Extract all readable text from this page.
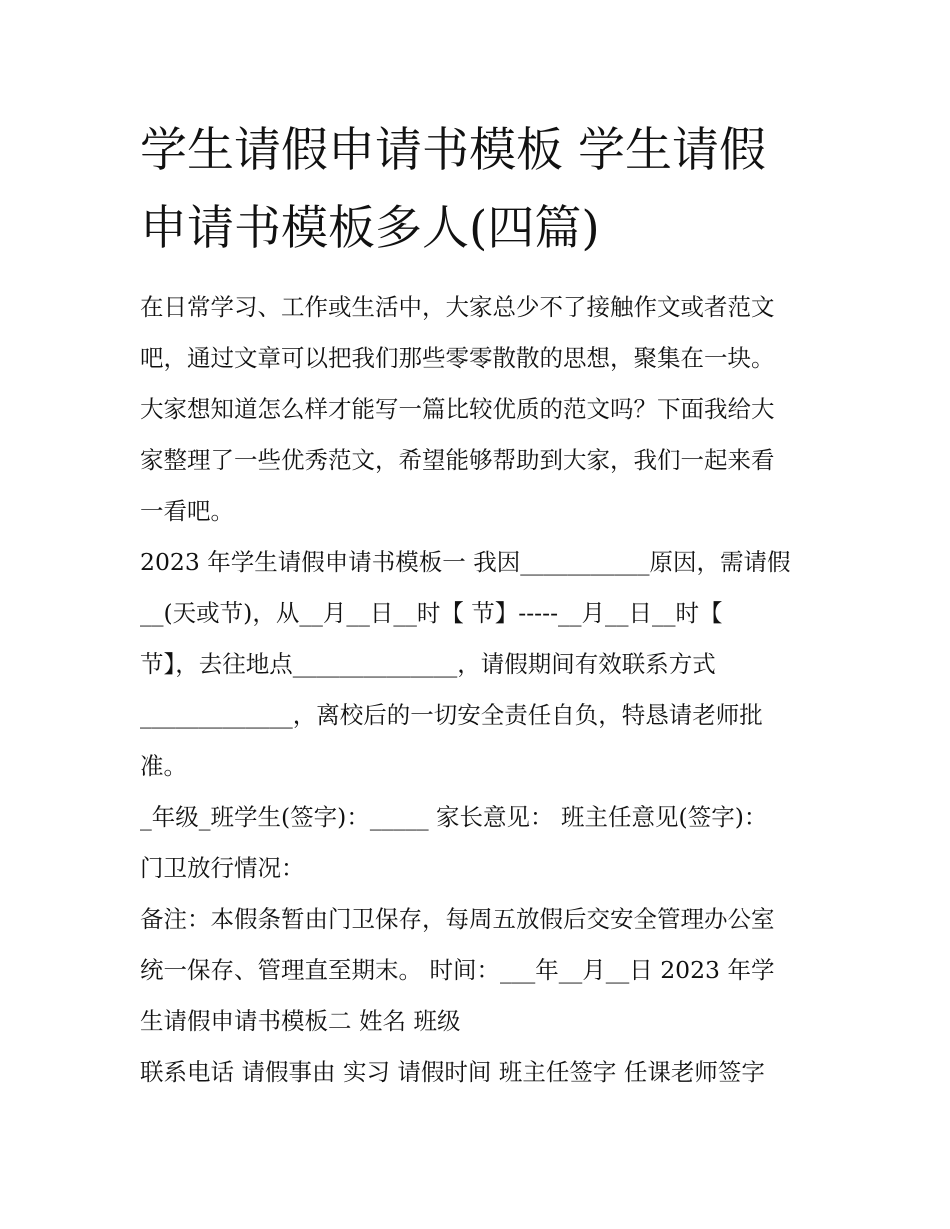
学生请假申请书模板 学生请假
申请书模板多人(四篇)
在日常学习、工作或生活中，大家总少不了接触作文或者范文
吧，通过文章可以把我们那些零零散散的思想，聚集在一块。
大家想知道怎么样才能写一篇比较优质的范文吗？下面我给大
家整理了一些优秀范文，希望能够帮助到大家，我们一起来看
一看吧。
2023 年学生请假申请书模板一 我因___________原因，需请假
__(天或节)，从__月__日__时【 节】-----__月__日__时【
节】，去往地点______________，请假期间有效联系方式
_____________，离校后的一切安全责任自负，特恳请老师批
准。
_年级_班学生(签字)：_____ 家长意见： 班主任意见(签字)：
门卫放行情况：
备注：本假条暂由门卫保存，每周五放假后交安全管理办公室
统一保存、管理直至期末。 时间：___年__月__日 2023 年学
生请假申请书模板二 姓名 班级
联系电话 请假事由 实习 请假时间 班主任签字 任课老师签字
